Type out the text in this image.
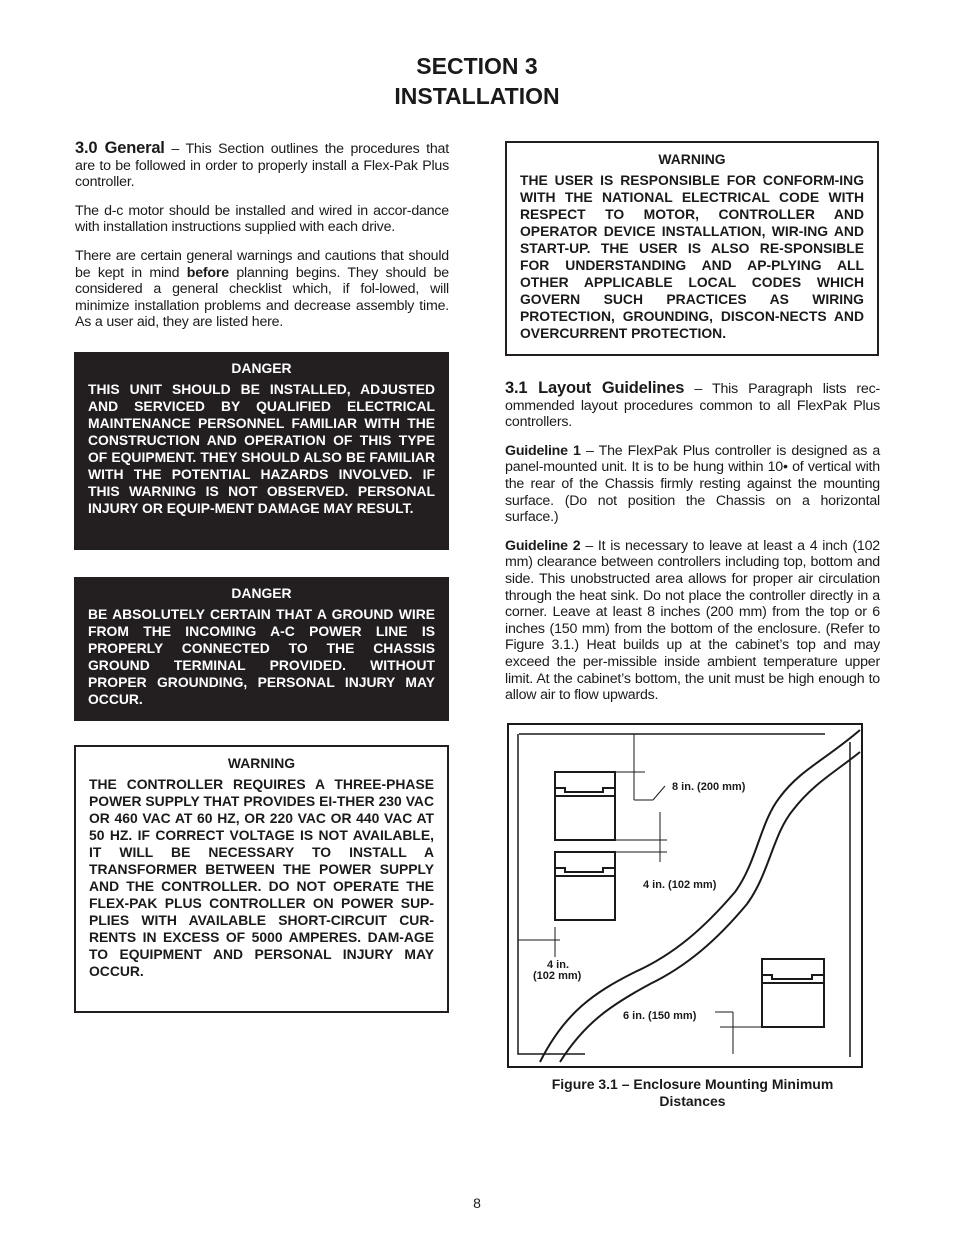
SECTION 3
INSTALLATION

3.0 General – This Section outlines the procedures that are to be followed in order to properly install a Flex-Pak Plus controller.

The d-c motor should be installed and wired in accor-dance with installation instructions supplied with each drive.

There are certain general warnings and cautions that should be kept in mind before planning begins. They should be considered a general checklist which, if fol-lowed, will minimize installation problems and decrease assembly time. As a user aid, they are listed here.

DANGER
THIS UNIT SHOULD BE INSTALLED, ADJUSTED AND SERVICED BY QUALIFIED ELECTRICAL MAINTENANCE PERSONNEL FAMILIAR WITH THE CONSTRUCTION AND OPERATION OF THIS TYPE OF EQUIPMENT. THEY SHOULD ALSO BE FAMILIAR WITH THE POTENTIAL HAZARDS INVOLVED. IF THIS WARNING IS NOT OBSERVED. PERSONAL INJURY OR EQUIP-MENT DAMAGE MAY RESULT.
DANGER
BE ABSOLUTELY CERTAIN THAT A GROUND WIRE FROM THE INCOMING A-C POWER LINE IS PROPERLY CONNECTED TO THE CHASSIS GROUND TERMINAL PROVIDED. WITHOUT PROPER GROUNDING, PERSONAL INJURY MAY OCCUR.
WARNING
THE CONTROLLER REQUIRES A THREE-PHASE POWER SUPPLY THAT PROVIDES EI-THER 230 VAC OR 460 VAC AT 60 HZ, OR 220 VAC OR 440 VAC AT 50 HZ. IF CORRECT VOLTAGE IS NOT AVAILABLE, IT WILL BE NECESSARY TO INSTALL A TRANSFORMER BETWEEN THE POWER SUPPLY AND THE CONTROLLER. DO NOT OPERATE THE FLEX-PAK PLUS CONTROLLER ON POWER SUP-PLIES WITH AVAILABLE SHORT-CIRCUIT CUR-RENTS IN EXCESS OF 5000 AMPERES. DAM-AGE TO EQUIPMENT AND PERSONAL INJURY MAY OCCUR.
WARNING
THE USER IS RESPONSIBLE FOR CONFORM-ING WITH THE NATIONAL ELECTRICAL CODE WITH RESPECT TO MOTOR, CONTROLLER AND OPERATOR DEVICE INSTALLATION, WIR-ING AND START-UP. THE USER IS ALSO RE-SPONSIBLE FOR UNDERSTANDING AND AP-PLYING ALL OTHER APPLICABLE LOCAL CODES WHICH GOVERN SUCH PRACTICES AS WIRING PROTECTION, GROUNDING, DISCON-NECTS AND OVERCURRENT PROTECTION.

3.1 Layout Guidelines – This Paragraph lists rec-ommended layout procedures common to all FlexPak Plus controllers.

Guideline 1 – The FlexPak Plus controller is designed as a panel-mounted unit. It is to be hung within 10• of vertical with the rear of the Chassis firmly resting against the mounting surface. (Do not position the Chassis on a horizontal surface.)

Guideline 2 – It is necessary to leave at least a 4 inch (102 mm) clearance between controllers including top, bottom and side. This unobstructed area allows for proper air circulation through the heat sink. Do not place the controller directly in a corner. Leave at least 8 inches (200 mm) from the top or 6 inches (150 mm) from the bottom of the enclosure. (Refer to Figure 3.1.) Heat builds up at the cabinet’s top and may exceed the per-missible inside ambient temperature upper limit. At the cabinet’s bottom, the unit must be high enough to allow air to flow upwards.

8 in. (200 mm)
4 in. (102 mm)
4 in.
(102 mm)
6 in. (150 mm)
Figure 3.1 – Enclosure Mounting Minimum
Distances
8
